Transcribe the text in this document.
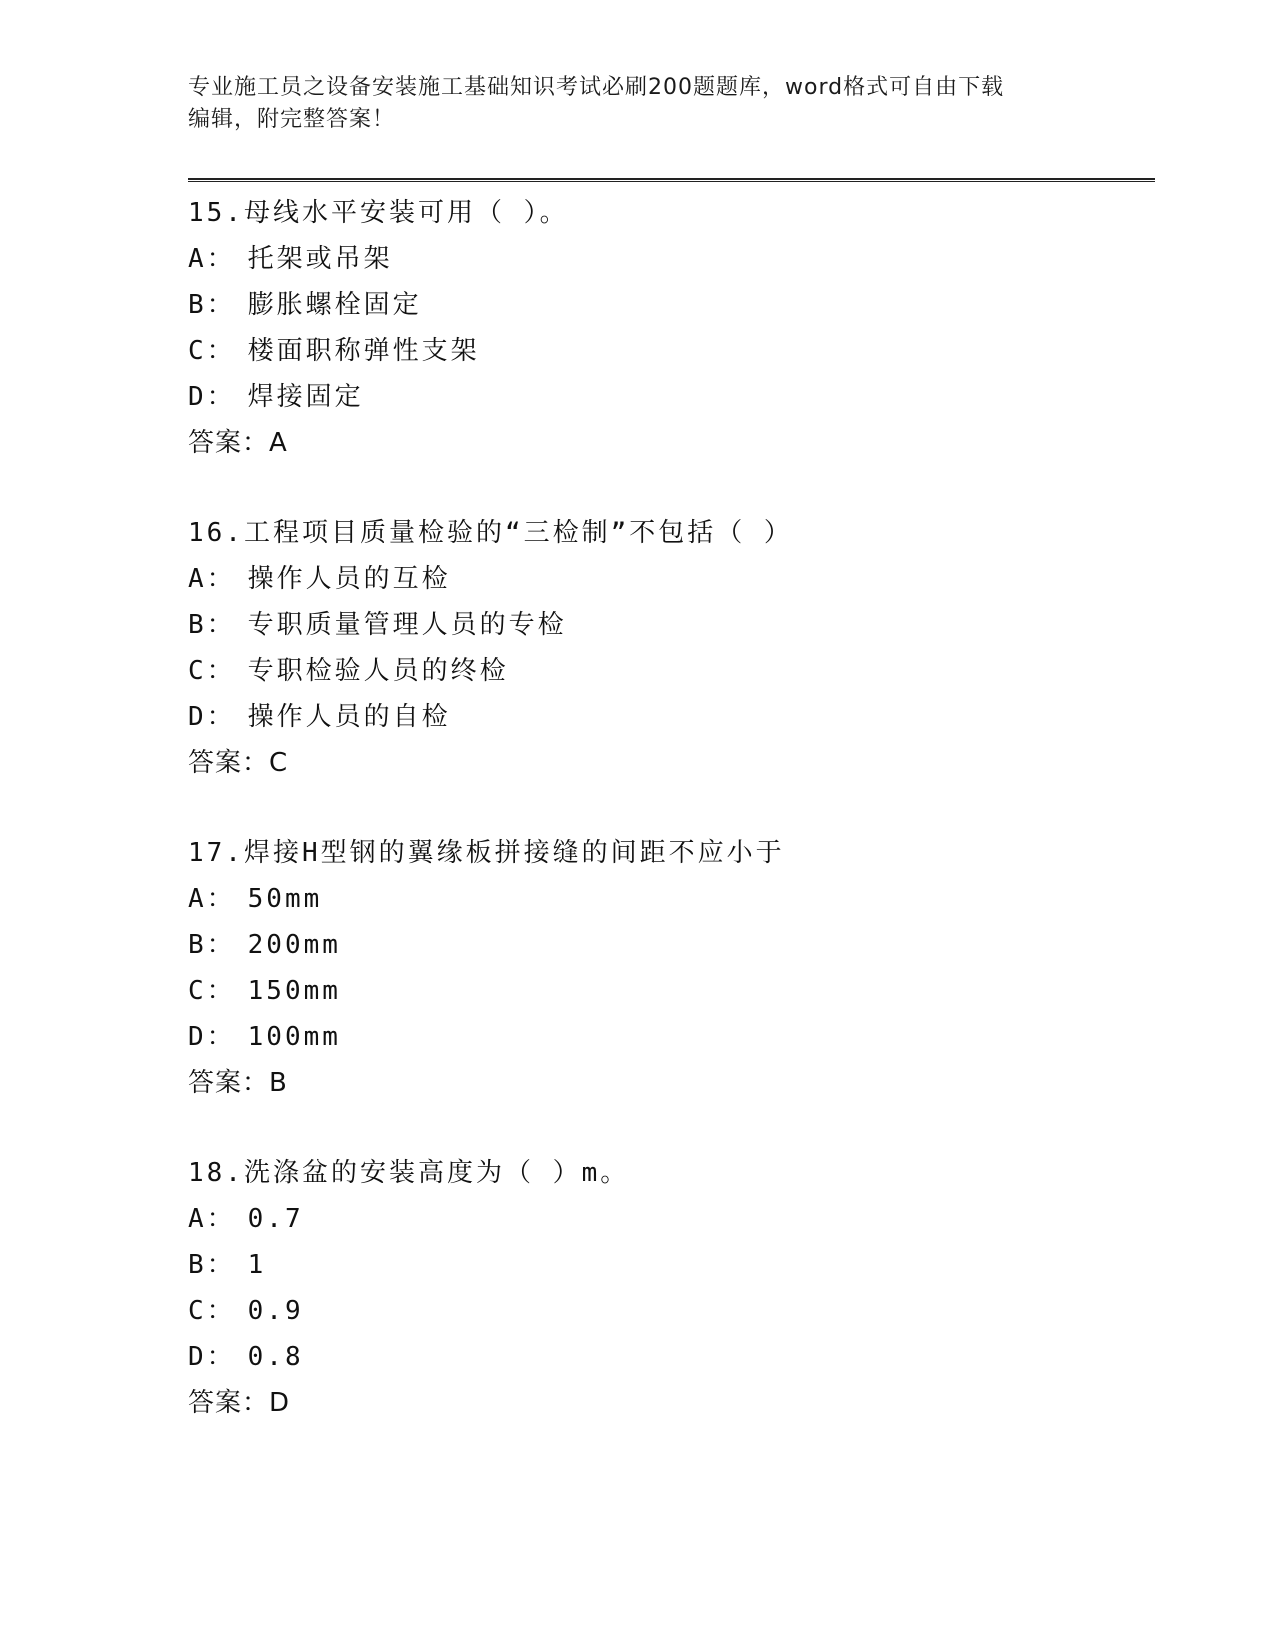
专业施工员之设备安装施工基础知识考试必刷200题题库，word格式可自由下载
编辑，附完整答案！
15.母线水平安装可用（ ）。
A： 托架或吊架
B： 膨胀螺栓固定
C： 楼面职称弹性支架
D： 焊接固定
答案：A
16.工程项目质量检验的“三检制”不包括（ ）
A： 操作人员的互检
B： 专职质量管理人员的专检
C： 专职检验人员的终检
D： 操作人员的自检
答案：C
17.焊接H型钢的翼缘板拼接缝的间距不应小于
A： 50mm
B： 200mm
C： 150mm
D： 100mm
答案：B
18.洗涤盆的安装高度为（ ）m。
A： 0.7
B： 1
C： 0.9
D： 0.8
答案：D
